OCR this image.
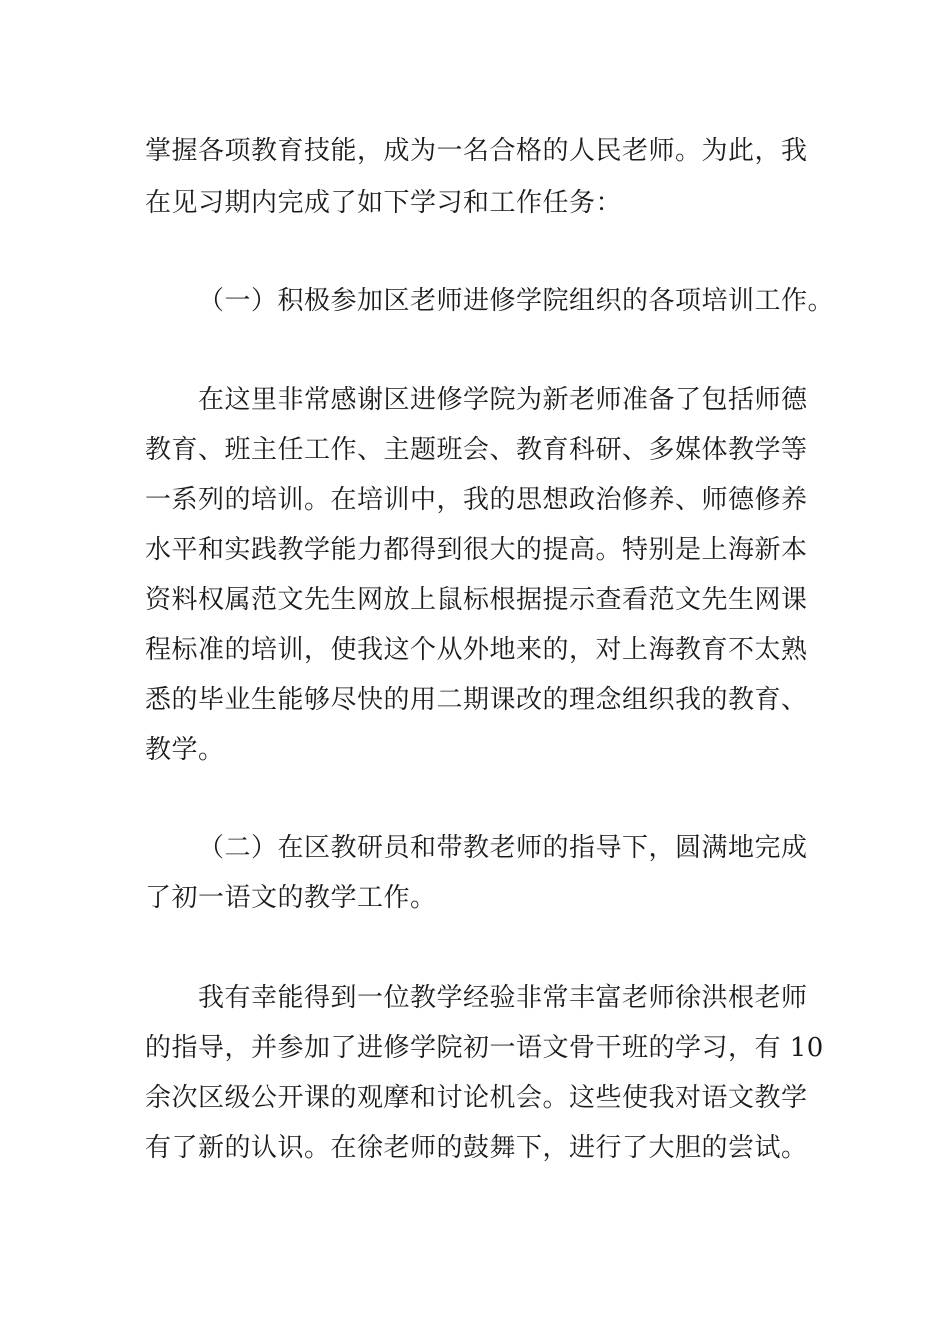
掌握各项教育技能，成为一名合格的人民老师。为此，我
在见习期内完成了如下学习和工作任务：
（一）积极参加区老师进修学院组织的各项培训工作。
在这里非常感谢区进修学院为新老师准备了包括师德
教育、班主任工作、主题班会、教育科研、多媒体教学等
一系列的培训。在培训中，我的思想政治修养、师德修养
水平和实践教学能力都得到很大的提高。特别是上海新本
资料权属范文先生网放上鼠标根据提示查看范文先生网课
程标准的培训，使我这个从外地来的，对上海教育不太熟
悉的毕业生能够尽快的用二期课改的理念组织我的教育、
教学。
（二）在区教研员和带教老师的指导下，圆满地完成
了初一语文的教学工作。
我有幸能得到一位教学经验非常丰富老师徐洪根老师
的指导，并参加了进修学院初一语文骨干班的学习，有 10
余次区级公开课的观摩和讨论机会。这些使我对语文教学
有了新的认识。在徐老师的鼓舞下，进行了大胆的尝试。
